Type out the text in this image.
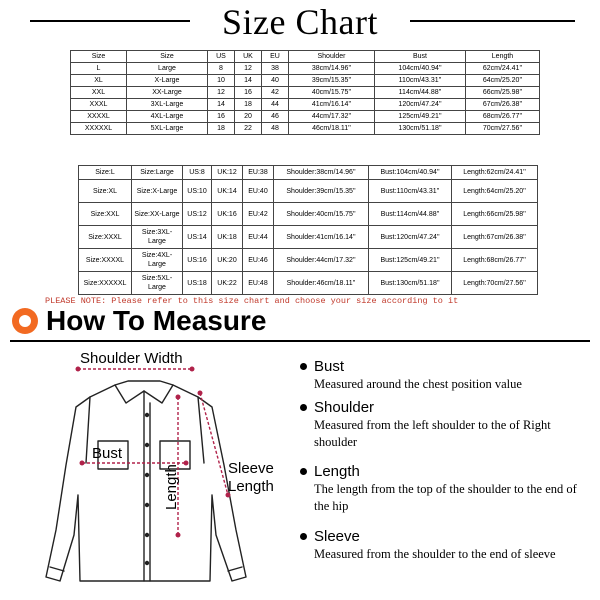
Size Chart
Size	Size	US	UK	EU	Shoulder	Bust	Length
L	Large	8	12	38	38cm/14.96''	104cm/40.94''	62cm/24.41''
XL	X-Large	10	14	40	39cm/15.35''	110cm/43.31''	64cm/25.20''
XXL	XX-Large	12	16	42	40cm/15.75''	114cm/44.88''	66cm/25.98''
XXXL	3XL-Large	14	18	44	41cm/16.14''	120cm/47.24''	67cm/26.38''
XXXXL	4XL-Large	16	20	46	44cm/17.32''	125cm/49.21''	68cm/26.77''
XXXXXL	5XL-Large	18	22	48	46cm/18.11''	130cm/51.18''	70cm/27.56''
Size:L	Size:Large	US:8	UK:12	EU:38	Shoulder:38cm/14.96''	Bust:104cm/40.94''	Length:62cm/24.41''
Size:XL	Size:X-Large	US:10	UK:14	EU:40	Shoulder:39cm/15.35''	Bust:110cm/43.31''	Length:64cm/25.20''
Size:XXL	Size:XX-Large	US:12	UK:16	EU:42	Shoulder:40cm/15.75''	Bust:114cm/44.88''	Length:66cm/25.98''
Size:XXXL	Size:3XL-Large	US:14	UK:18	EU:44	Shoulder:41cm/16.14''	Bust:120cm/47.24''	Length:67cm/26.38''
Size:XXXXL	Size:4XL-Large	US:16	UK:20	EU:46	Shoulder:44cm/17.32''	Bust:125cm/49.21''	Length:68cm/26.77''
Size:XXXXXL	Size:5XL-Large	US:18	UK:22	EU:48	Shoulder:46cm/18.11''	Bust:130cm/51.18''	Length:70cm/27.56''
PLEASE NOTE: Please refer to this size chart and choose your size according to it
How To Measure
Shoulder Width
Bust
Length	Sleeve
Length
Bust
Measured around the chest position value
Shoulder
Measured from the left shoulder to the of Right shoulder
Length
The length from the top of the shoulder to the end of the hip
Sleeve
Measured from the shoulder to the end of sleeve
